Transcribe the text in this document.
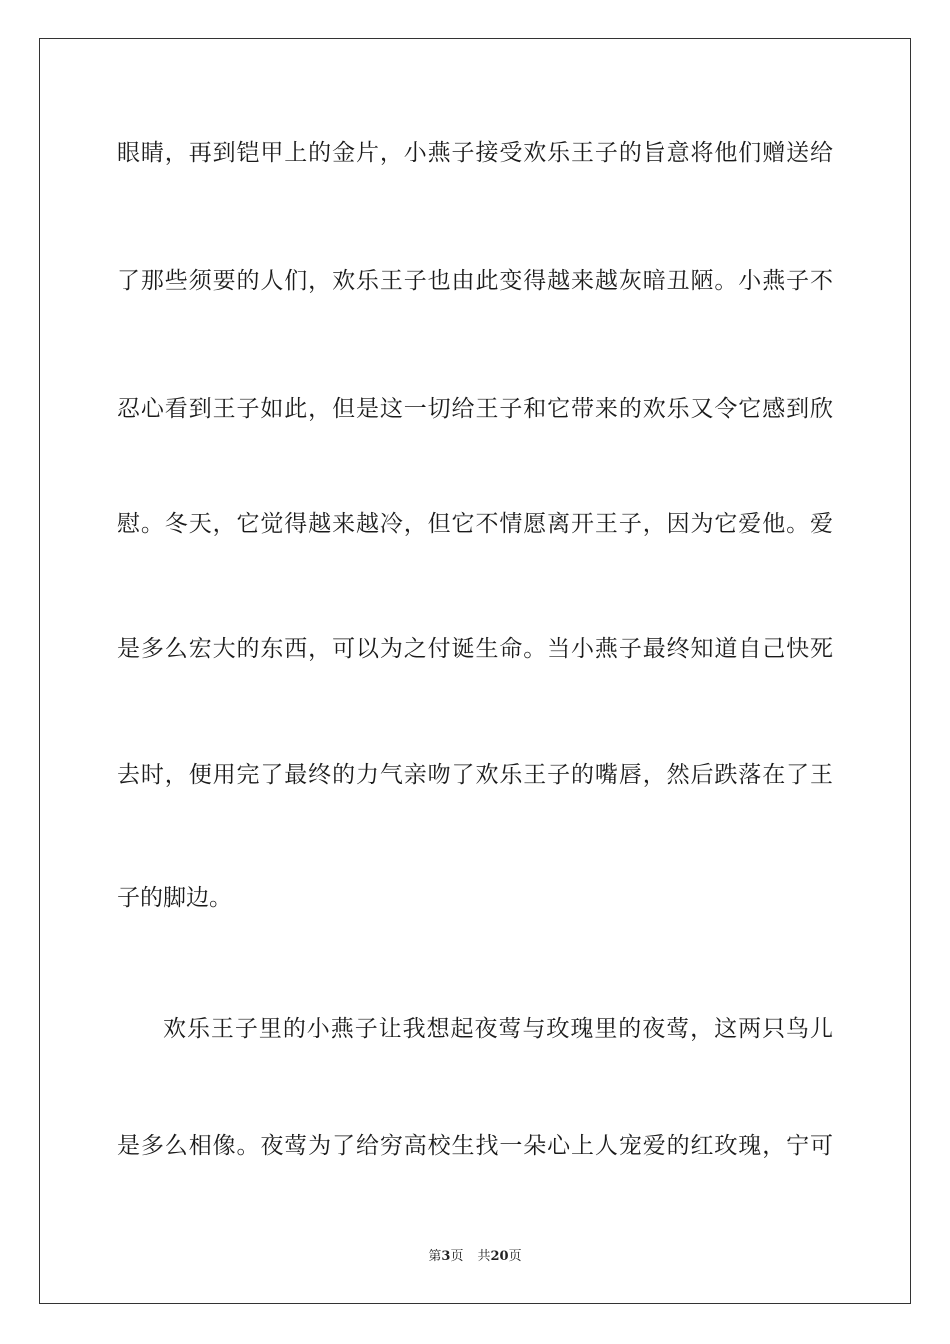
眼睛，再到铠甲上的金片，小燕子接受欢乐王子的旨意将他们赠送给
了那些须要的人们，欢乐王子也由此变得越来越灰暗丑陋。小燕子不
忍心看到王子如此，但是这一切给王子和它带来的欢乐又令它感到欣
慰。冬天，它觉得越来越冷，但它不情愿离开王子，因为它爱他。爱
是多么宏大的东西，可以为之付诞生命。当小燕子最终知道自己快死
去时，便用完了最终的力气亲吻了欢乐王子的嘴唇，然后跌落在了王
子的脚边。
欢乐王子里的小燕子让我想起夜莺与玫瑰里的夜莺，这两只鸟儿
是多么相像。夜莺为了给穷高校生找一朵心上人宠爱的红玫瑰，宁可
第3页 共20页
